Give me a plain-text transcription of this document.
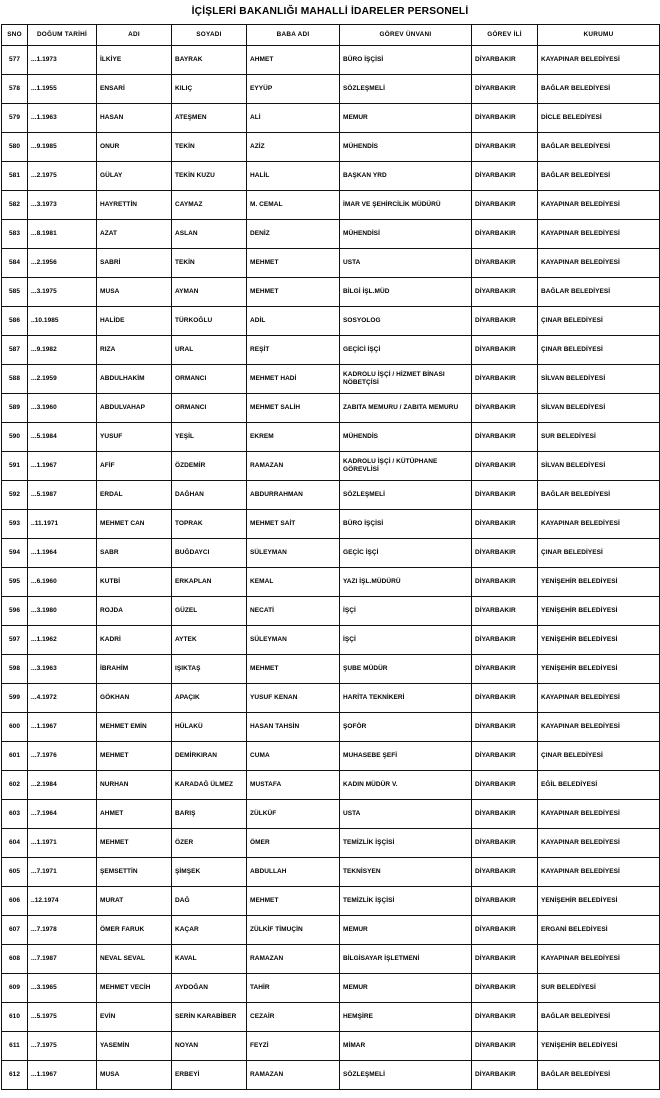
İÇİŞLERİ BAKANLIĞI MAHALLİ İDARELER PERSONELİ
SNO	DOĞUM TARİHİ	ADI	SOYADI	BABA ADI	GÖREV ÜNVANI	GÖREV İLİ	KURUMU
577	...1.1973	İLKİYE	BAYRAK	AHMET	BÜRO İŞÇİSİ	DİYARBAKIR	KAYAPINAR BELEDİYESİ
578	...1.1955	ENSARİ	KILIÇ	EYYÜP	SÖZLEŞMELİ	DİYARBAKIR	BAĞLAR BELEDİYESİ
579	...1.1963	HASAN	ATEŞMEN	ALİ	MEMUR	DİYARBAKIR	DİCLE BELEDİYESİ
580	...9.1985	ONUR	TEKİN	AZİZ	MÜHENDİS	DİYARBAKIR	BAĞLAR BELEDİYESİ
581	...2.1975	GÜLAY	TEKİN KUZU	HALİL	BAŞKAN YRD	DİYARBAKIR	BAĞLAR BELEDİYESİ
582	...3.1973	HAYRETTİN	CAYMAZ	M. CEMAL	İMAR VE ŞEHİRCİLİK MÜDÜRÜ	DİYARBAKIR	KAYAPINAR BELEDİYESİ
583	...8.1981	AZAT	ASLAN	DENİZ	MÜHENDİSİ	DİYARBAKIR	KAYAPINAR BELEDİYESİ
584	...2.1956	SABRİ	TEKİN	MEHMET	USTA	DİYARBAKIR	KAYAPINAR BELEDİYESİ
585	...3.1975	MUSA	AYMAN	MEHMET	BİLGİ İŞL.MÜD	DİYARBAKIR	BAĞLAR BELEDİYESİ
586	..10.1985	HALİDE	TÜRKOĞLU	ADİL	SOSYOLOG	DİYARBAKIR	ÇINAR BELEDİYESİ
587	...9.1982	RIZA	URAL	REŞİT	GEÇİCİ İŞÇİ	DİYARBAKIR	ÇINAR BELEDİYESİ
588	...2.1959	ABDULHAKİM	ORMANCI	MEHMET HADİ	KADROLU İŞÇİ / HİZMET BİNASI NÖBETÇİSİ	DİYARBAKIR	SİLVAN BELEDİYESİ
589	...3.1960	ABDULVAHAP	ORMANCI	MEHMET SALİH	ZABITA MEMURU / ZABITA MEMURU	DİYARBAKIR	SİLVAN BELEDİYESİ
590	...5.1984	YUSUF	YEŞİL	EKREM	MÜHENDİS	DİYARBAKIR	SUR BELEDİYESİ
591	...1.1967	AFİF	ÖZDEMİR	RAMAZAN	KADROLU İŞÇİ / KÜTÜPHANE GÖREVLİSİ	DİYARBAKIR	SİLVAN BELEDİYESİ
592	...5.1987	ERDAL	DAĞHAN	ABDURRAHMAN	SÖZLEŞMELİ	DİYARBAKIR	BAĞLAR BELEDİYESİ
593	..11.1971	MEHMET CAN	TOPRAK	MEHMET SAİT	BÜRO İŞÇİSİ	DİYARBAKIR	KAYAPINAR BELEDİYESİ
594	...1.1964	SABR	BUĞDAYCI	SÜLEYMAN	GEÇİC İŞÇİ	DİYARBAKIR	ÇINAR BELEDİYESİ
595	...6.1960	KUTBİ	ERKAPLAN	KEMAL	YAZI İŞL.MÜDÜRÜ	DİYARBAKIR	YENİŞEHİR BELEDİYESİ
596	...3.1980	ROJDA	GÜZEL	NECATİ	İŞÇİ	DİYARBAKIR	YENİŞEHİR BELEDİYESİ
597	...1.1962	KADRİ	AYTEK	SÜLEYMAN	İŞÇİ	DİYARBAKIR	YENİŞEHİR BELEDİYESİ
598	...3.1963	İBRAHİM	IŞIKTAŞ	MEHMET	ŞUBE MÜDÜR	DİYARBAKIR	YENİŞEHİR BELEDİYESİ
599	...4.1972	GÖKHAN	APAÇIK	YUSUF KENAN	HARİTA TEKNİKERİ	DİYARBAKIR	KAYAPINAR BELEDİYESİ
600	...1.1967	MEHMET EMİN	HÜLAKÜ	HASAN TAHSİN	ŞOFÖR	DİYARBAKIR	KAYAPINAR BELEDİYESİ
601	...7.1976	MEHMET	DEMİRKIRAN	CUMA	MUHASEBE ŞEFİ	DİYARBAKIR	ÇINAR BELEDİYESİ
602	...2.1984	NURHAN	KARADAĞ ÜLMEZ	MUSTAFA	KADIN MÜDÜR V.	DİYARBAKIR	EĞİL BELEDİYESİ
603	...7.1964	AHMET	BARIŞ	ZÜLKÜF	USTA	DİYARBAKIR	KAYAPINAR BELEDİYESİ
604	...1.1971	MEHMET	ÖZER	ÖMER	TEMİZLİK İŞÇİSİ	DİYARBAKIR	KAYAPINAR BELEDİYESİ
605	...7.1971	ŞEMSETTİN	ŞİMŞEK	ABDULLAH	TEKNİSYEN	DİYARBAKIR	KAYAPINAR BELEDİYESİ
606	..12.1974	MURAT	DAĞ	MEHMET	TEMİZLİK İŞÇİSİ	DİYARBAKIR	YENİŞEHİR BELEDİYESİ
607	...7.1978	ÖMER FARUK	KAÇAR	ZÜLKİF TİMUÇİN	MEMUR	DİYARBAKIR	ERGANİ BELEDİYESİ
608	...7.1987	NEVAL SEVAL	KAVAL	RAMAZAN	BİLGİSAYAR İŞLETMENİ	DİYARBAKIR	KAYAPINAR BELEDİYESİ
609	...3.1965	MEHMET VECİH	AYDOĞAN	TAHİR	MEMUR	DİYARBAKIR	SUR BELEDİYESİ
610	...5.1975	EVİN	SERİN KARABİBER	CEZAİR	HEMŞİRE	DİYARBAKIR	BAĞLAR BELEDİYESİ
611	...7.1975	YASEMİN	NOYAN	FEYZİ	MİMAR	DİYARBAKIR	YENİŞEHİR BELEDİYESİ
612	...1.1967	MUSA	ERBEYİ	RAMAZAN	SÖZLEŞMELİ	DİYARBAKIR	BAĞLAR BELEDİYESİ
